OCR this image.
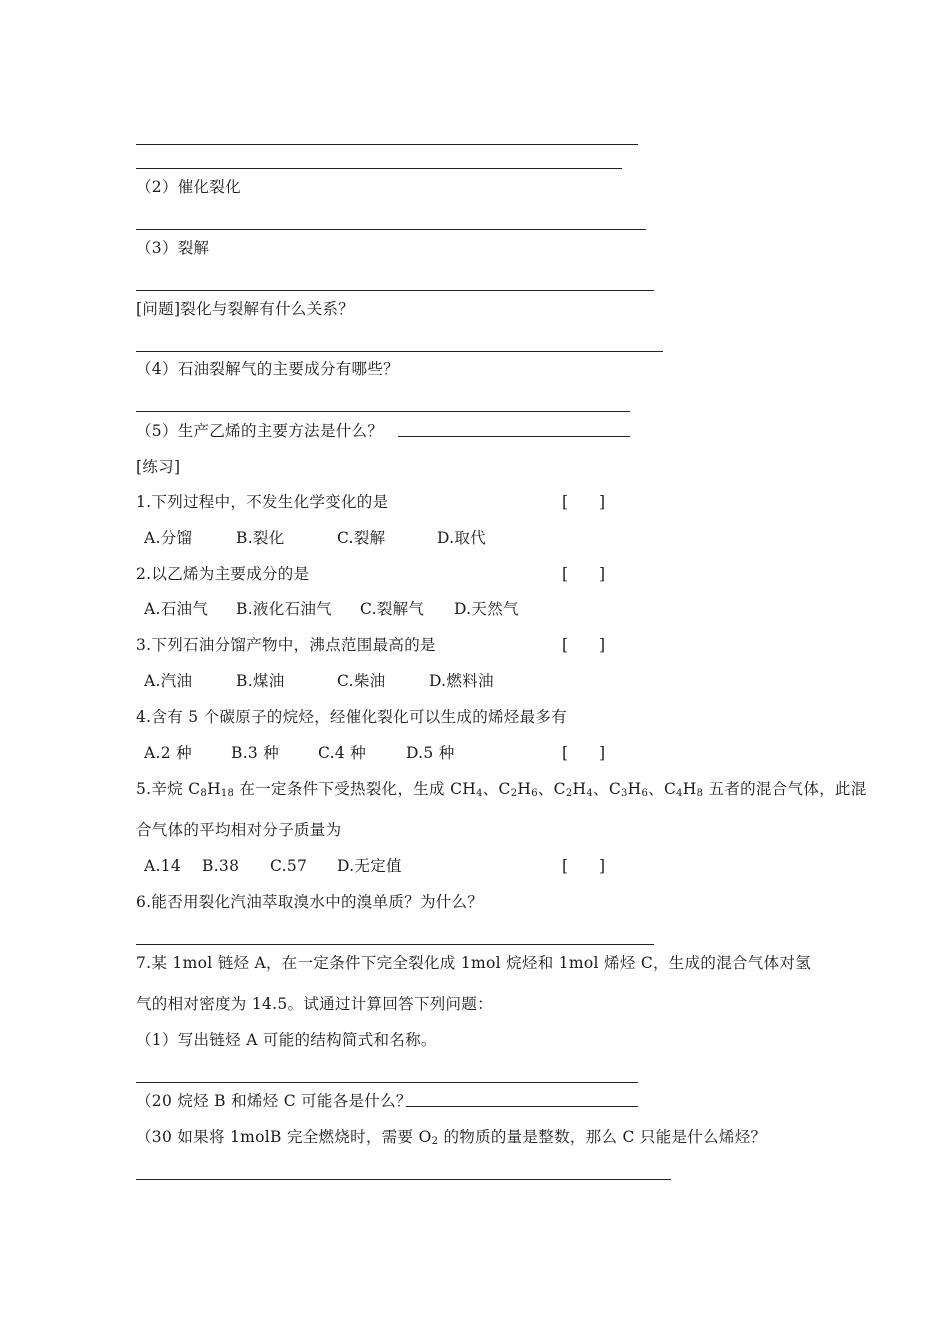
（2）催化裂化
（3）裂解
[问题]裂化与裂解有什么关系？
（4）石油裂解气的主要成分有哪些？
（5）生产乙烯的主要方法是什么？
[练习]
1.下列过程中，不发生化学变化的是	[　　]
A.分馏	B.裂化	C.裂解	D.取代
2.以乙烯为主要成分的是	[　　]
A.石油气 B.液化石油气 C.裂解气 D.天然气
3.下列石油分馏产物中，沸点范围最高的是	[　　]
A.汽油	B.煤油	C.柴油	D.燃料油
4.含有 5 个碳原子的烷烃，经催化裂化可以生成的烯烃最多有
A.2 种	B.3 种	C.4 种	D.5 种	[　　]
5.辛烷 $C_8H_{18}$ 在一定条件下受热裂化，生成 $CH_4$、$C_2H_6$、$C_2H_4$、$C_3H_6$、$C_4H_8$ 五者的混合气体，此混
合气体的平均相对分子质量为
A.14 B.38 C.57 D.无定值	[　　]
6.能否用裂化汽油萃取溴水中的溴单质？为什么？
7.某 1mol 链烃 A，在一定条件下完全裂化成 1mol 烷烃和 1mol 烯烃 C，生成的混合气体对氢
气的相对密度为 14.5。试通过计算回答下列问题：
（1）写出链烃 A 可能的结构简式和名称。
（20 烷烃 B 和烯烃 C 可能各是什么？
（30 如果将 1molB 完全燃烧时，需要 $O_2$ 的物质的量是整数，那么 C 只能是什么烯烃？
